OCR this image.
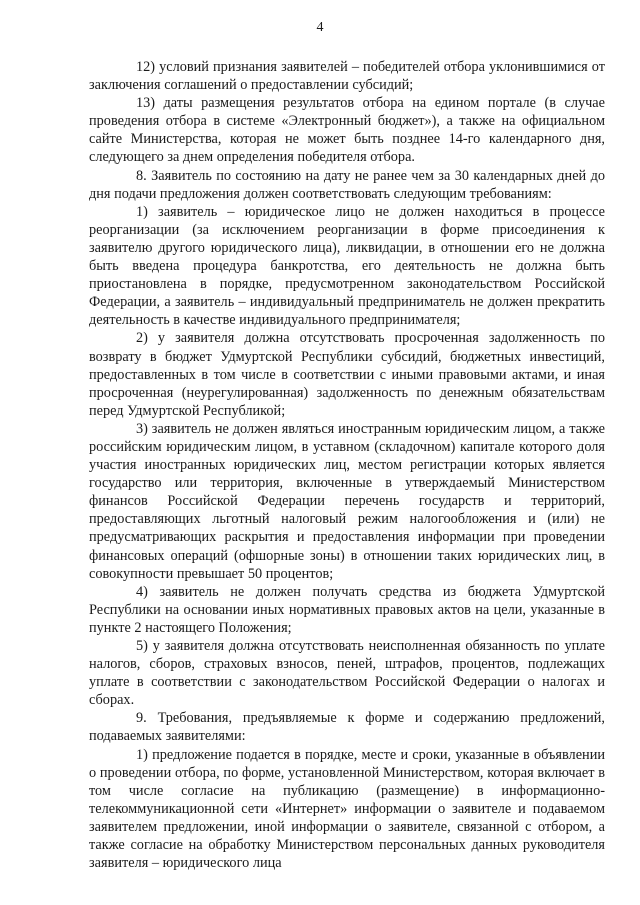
4

12) условий признания заявителей – победителей отбора уклонившимися от заключения соглашений о предоставлении субсидий;

13) даты размещения результатов отбора на едином портале (в случае проведения отбора в системе «Электронный бюджет»), а также на официальном сайте Министерства, которая не может быть позднее 14-го календарного дня, следующего за днем определения победителя отбора.

8. Заявитель по состоянию на дату не ранее чем за 30 календарных дней до дня подачи предложения должен соответствовать следующим требованиям:

1) заявитель – юридическое лицо не должен находиться в процессе реорганизации (за исключением реорганизации в форме присоединения к заявителю другого юридического лица), ликвидации, в отношении его не должна быть введена процедура банкротства, его деятельность не должна быть приостановлена в порядке, предусмотренном законодательством Российской Федерации, а заявитель – индивидуальный предприниматель не должен прекратить деятельность в качестве индивидуального предпринимателя;

2) у заявителя должна отсутствовать просроченная задолженность по возврату в бюджет Удмуртской Республики субсидий, бюджетных инвестиций, предоставленных в том числе в соответствии с иными правовыми актами, и иная просроченная (неурегулированная) задолженность по денежным обязательствам перед Удмуртской Республикой;

3) заявитель не должен являться иностранным юридическим лицом, а также российским юридическим лицом, в уставном (складочном) капитале которого доля участия иностранных юридических лиц, местом регистрации которых является государство или территория, включенные в утверждаемый Министерством финансов Российской Федерации перечень государств и территорий, предоставляющих льготный налоговый режим налогообложения и (или) не предусматривающих раскрытия и предоставления информации при проведении финансовых операций (офшорные зоны) в отношении таких юридических лиц, в совокупности превышает 50 процентов;

4) заявитель не должен получать средства из бюджета Удмуртской Республики на основании иных нормативных правовых актов на цели, указанные в пункте 2 настоящего Положения;

5) у заявителя должна отсутствовать неисполненная обязанность по уплате налогов, сборов, страховых взносов, пеней, штрафов, процентов, подлежащих уплате в соответствии с законодательством Российской Федерации о налогах и сборах.

9. Требования, предъявляемые к форме и содержанию предложений, подаваемых заявителями:

1) предложение подается в порядке, месте и сроки, указанные в объявлении о проведении отбора, по форме, установленной Министерством, которая включает в том числе согласие на публикацию (размещение) в информационно-телекоммуникационной сети «Интернет» информации о заявителе и подаваемом заявителем предложении, иной информации о заявителе, связанной с отбором, а также согласие на обработку Министерством персональных данных руководителя заявителя – юридического лица
